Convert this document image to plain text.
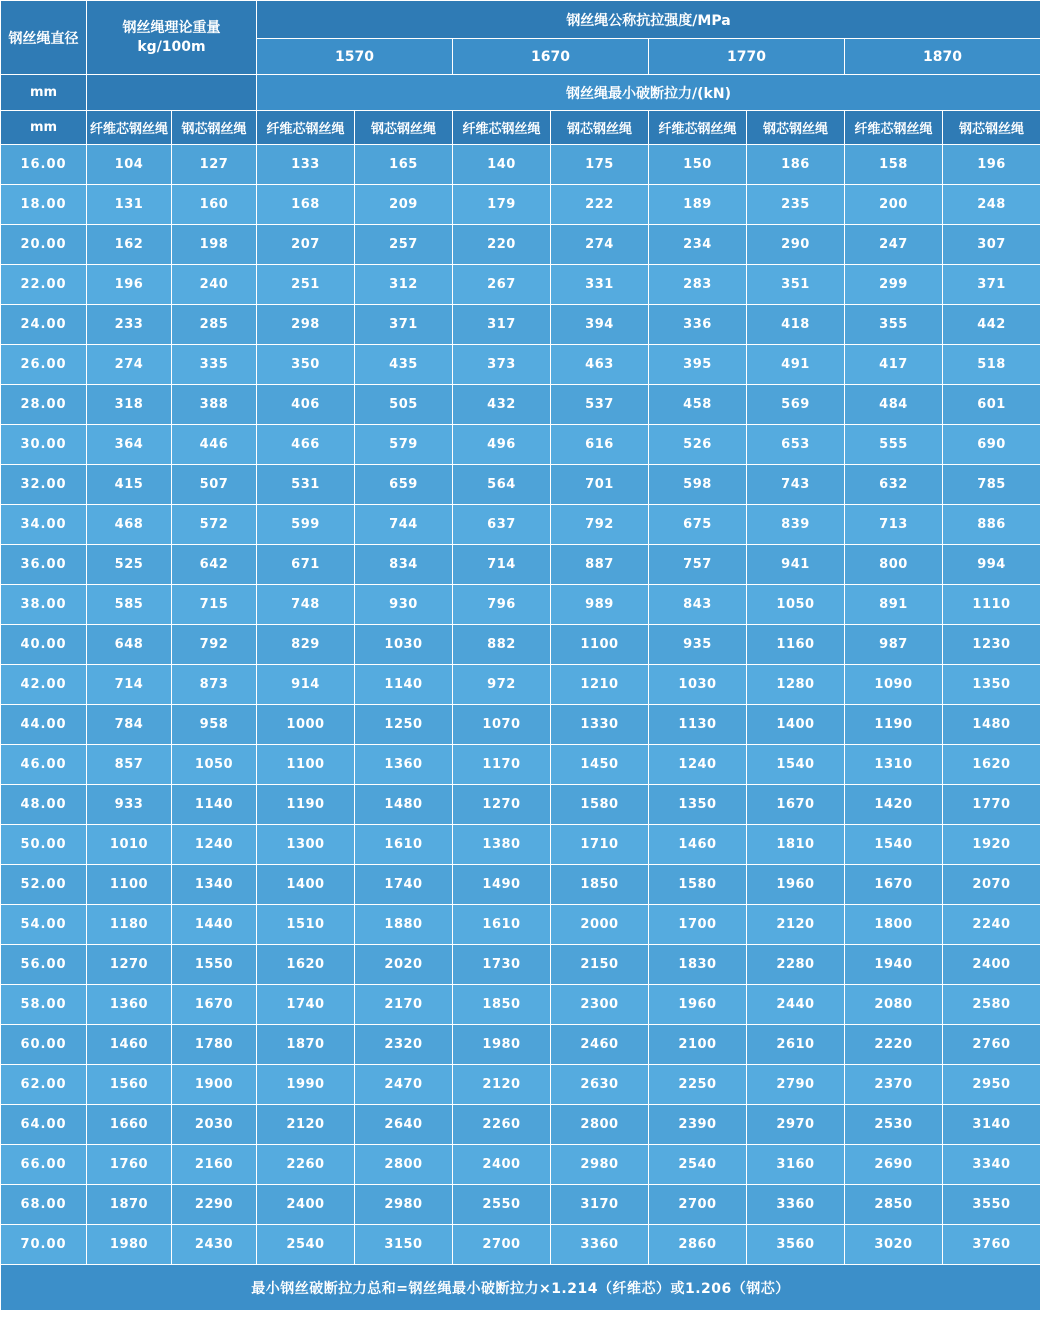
钢丝绳直径	钢丝绳理论重量
kg/100m		钢丝绳公称抗拉强度/MPa							
			1570		1670		1770		1870	
mm			钢丝绳最小破断拉力/(kN)							
mm	纤维芯钢丝绳	钢芯钢丝绳	纤维芯钢丝绳	钢芯钢丝绳	纤维芯钢丝绳	钢芯钢丝绳	纤维芯钢丝绳	钢芯钢丝绳	纤维芯钢丝绳	钢芯钢丝绳
16.00	104	127	133	165	140	175	150	186	158	196
18.00	131	160	168	209	179	222	189	235	200	248
20.00	162	198	207	257	220	274	234	290	247	307
22.00	196	240	251	312	267	331	283	351	299	371
24.00	233	285	298	371	317	394	336	418	355	442
26.00	274	335	350	435	373	463	395	491	417	518
28.00	318	388	406	505	432	537	458	569	484	601
30.00	364	446	466	579	496	616	526	653	555	690
32.00	415	507	531	659	564	701	598	743	632	785
34.00	468	572	599	744	637	792	675	839	713	886
36.00	525	642	671	834	714	887	757	941	800	994
38.00	585	715	748	930	796	989	843	1050	891	1110
40.00	648	792	829	1030	882	1100	935	1160	987	1230
42.00	714	873	914	1140	972	1210	1030	1280	1090	1350
44.00	784	958	1000	1250	1070	1330	1130	1400	1190	1480
46.00	857	1050	1100	1360	1170	1450	1240	1540	1310	1620
48.00	933	1140	1190	1480	1270	1580	1350	1670	1420	1770
50.00	1010	1240	1300	1610	1380	1710	1460	1810	1540	1920
52.00	1100	1340	1400	1740	1490	1850	1580	1960	1670	2070
54.00	1180	1440	1510	1880	1610	2000	1700	2120	1800	2240
56.00	1270	1550	1620	2020	1730	2150	1830	2280	1940	2400
58.00	1360	1670	1740	2170	1850	2300	1960	2440	2080	2580
60.00	1460	1780	1870	2320	1980	2460	2100	2610	2220	2760
62.00	1560	1900	1990	2470	2120	2630	2250	2790	2370	2950
64.00	1660	2030	2120	2640	2260	2800	2390	2970	2530	3140
66.00	1760	2160	2260	2800	2400	2980	2540	3160	2690	3340
68.00	1870	2290	2400	2980	2550	3170	2700	3360	2850	3550
70.00	1980	2430	2540	3150	2700	3360	2860	3560	3020	3760
最小钢丝破断拉力总和=钢丝绳最小破断拉力×1.214（纤维芯）或1.206（钢芯）										
